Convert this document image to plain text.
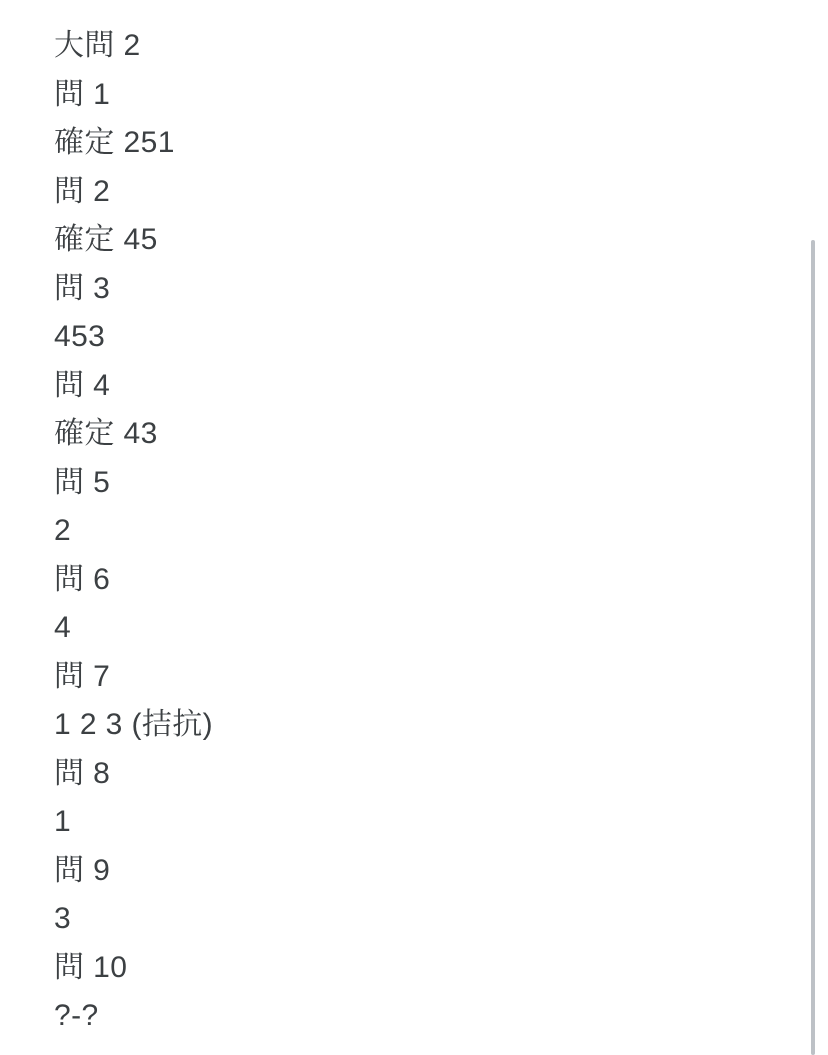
大問 2
問 1
確定 251
問 2
確定 45
問 3
453
問 4
確定 43
問 5
2
問 6
4
問 7
1 2 3 (拮抗)
問 8
1
問 9
3
問 10
?-?
